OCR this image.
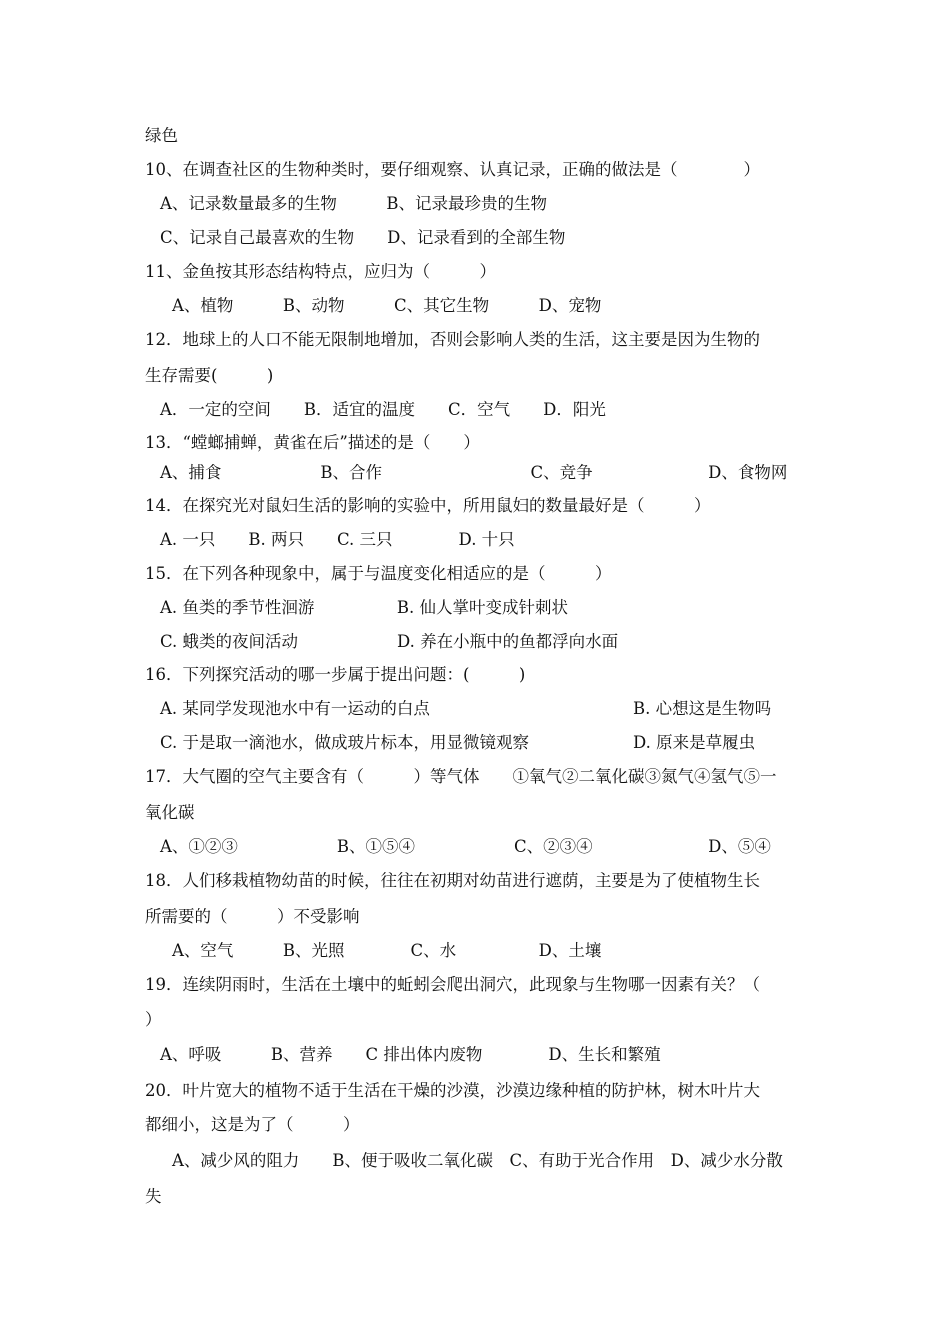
绿色
10、在调查社区的生物种类时，要仔细观察、认真记录，正确的做法是（　　　　）
A、记录数量最多的生物　　　B、记录最珍贵的生物
C、记录自己最喜欢的生物　　D、记录看到的全部生物
11、金鱼按其形态结构特点，应归为（　　　）
A、植物　　　B、动物　　　C、其它生物　　　D、宠物
12．地球上的人口不能无限制地增加，否则会影响人类的生活，这主要是因为生物的
生存需要(　　　)
A．一定的空间　　B．适宜的温度　　C．空气　　D．阳光
13．“螳螂捕蝉，黄雀在后”描述的是（　　）
A、捕食　　　　　　B、合作　　　　　　　　　C、竞争　　　　　　　D、食物网
14．在探究光对鼠妇生活的影响的实验中，所用鼠妇的数量最好是（　　　）
A. 一只　　B. 两只　　C. 三只　　　　D. 十只
15．在下列各种现象中，属于与温度变化相适应的是（　　　）
A. 鱼类的季节性洄游　　　　　B. 仙人掌叶变成针刺状
C. 蛾类的夜间活动　　　　　　D. 养在小瓶中的鱼都浮向水面
16．下列探究活动的哪一步属于提出问题：(　　　)
A. 某同学发现池水中有一运动的白点	B. 心想这是生物吗
C. 于是取一滴池水，做成玻片标本，用显微镜观察	D. 原来是草履虫
17．大气圈的空气主要含有（　　　）等气体　　①氧气②二氧化碳③氮气④氢气⑤一
氧化碳
A、①②③　　　　　　B、①⑤④　　　　　　C、②③④　　　　　　　D、⑤④
18．人们移栽植物幼苗的时候，往往在初期对幼苗进行遮荫，主要是为了使植物生长
所需要的（　　　）不受影响
A、空气　　　B、光照　　　　C、水　　　　　D、土壤
19．连续阴雨时，生活在土壤中的蚯蚓会爬出洞穴，此现象与生物哪一因素有关？（
）
A、呼吸　　　B、营养　　C 排出体内废物　　　　D、生长和繁殖
20．叶片宽大的植物不适于生活在干燥的沙漠，沙漠边缘种植的防护林，树木叶片大
都细小，这是为了（　　　）
A、减少风的阻力　　B、便于吸收二氧化碳　C、有助于光合作用　D、减少水分散
失
